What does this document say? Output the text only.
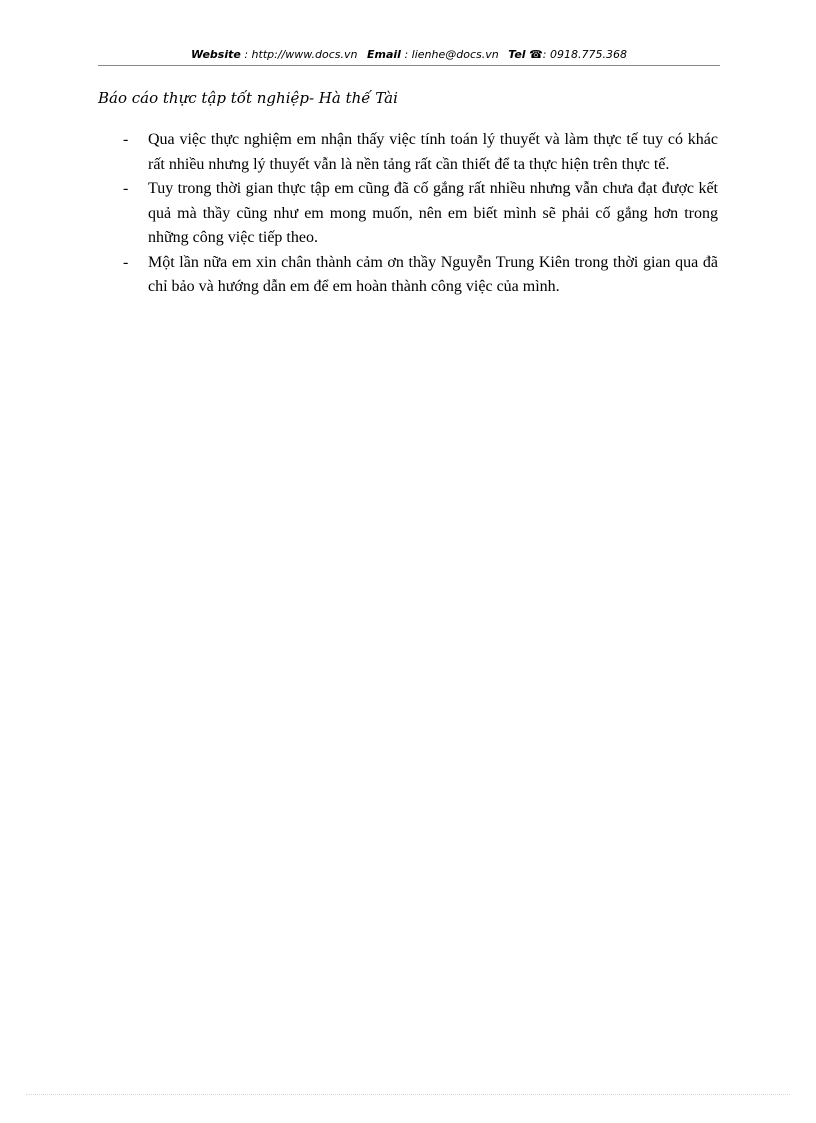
Website : http://www.docs.vn Email : lienhe@docs.vn Tel ☎: 0918.775.368
Báo cáo thực tập tốt nghiệp- Hà thế Tài
- Qua việc thực nghiệm em nhận thấy việc tính toán lý thuyết và làm thực tế tuy có khác rất nhiều nhưng lý thuyết vẫn là nền tảng rất cần thiết để ta thực hiện trên thực tế.
- Tuy trong thời gian thực tập em cũng đã cố gắng rất nhiều nhưng vẫn chưa đạt được kết quả mà thầy cũng như em mong muốn, nên em biết mình sẽ phải cố gắng hơn trong những công việc tiếp theo.
- Một lần nữa em xin chân thành cảm ơn thầy Nguyễn Trung Kiên trong thời gian qua đã chỉ bảo và hướng dẫn em để em hoàn thành công việc của mình.
